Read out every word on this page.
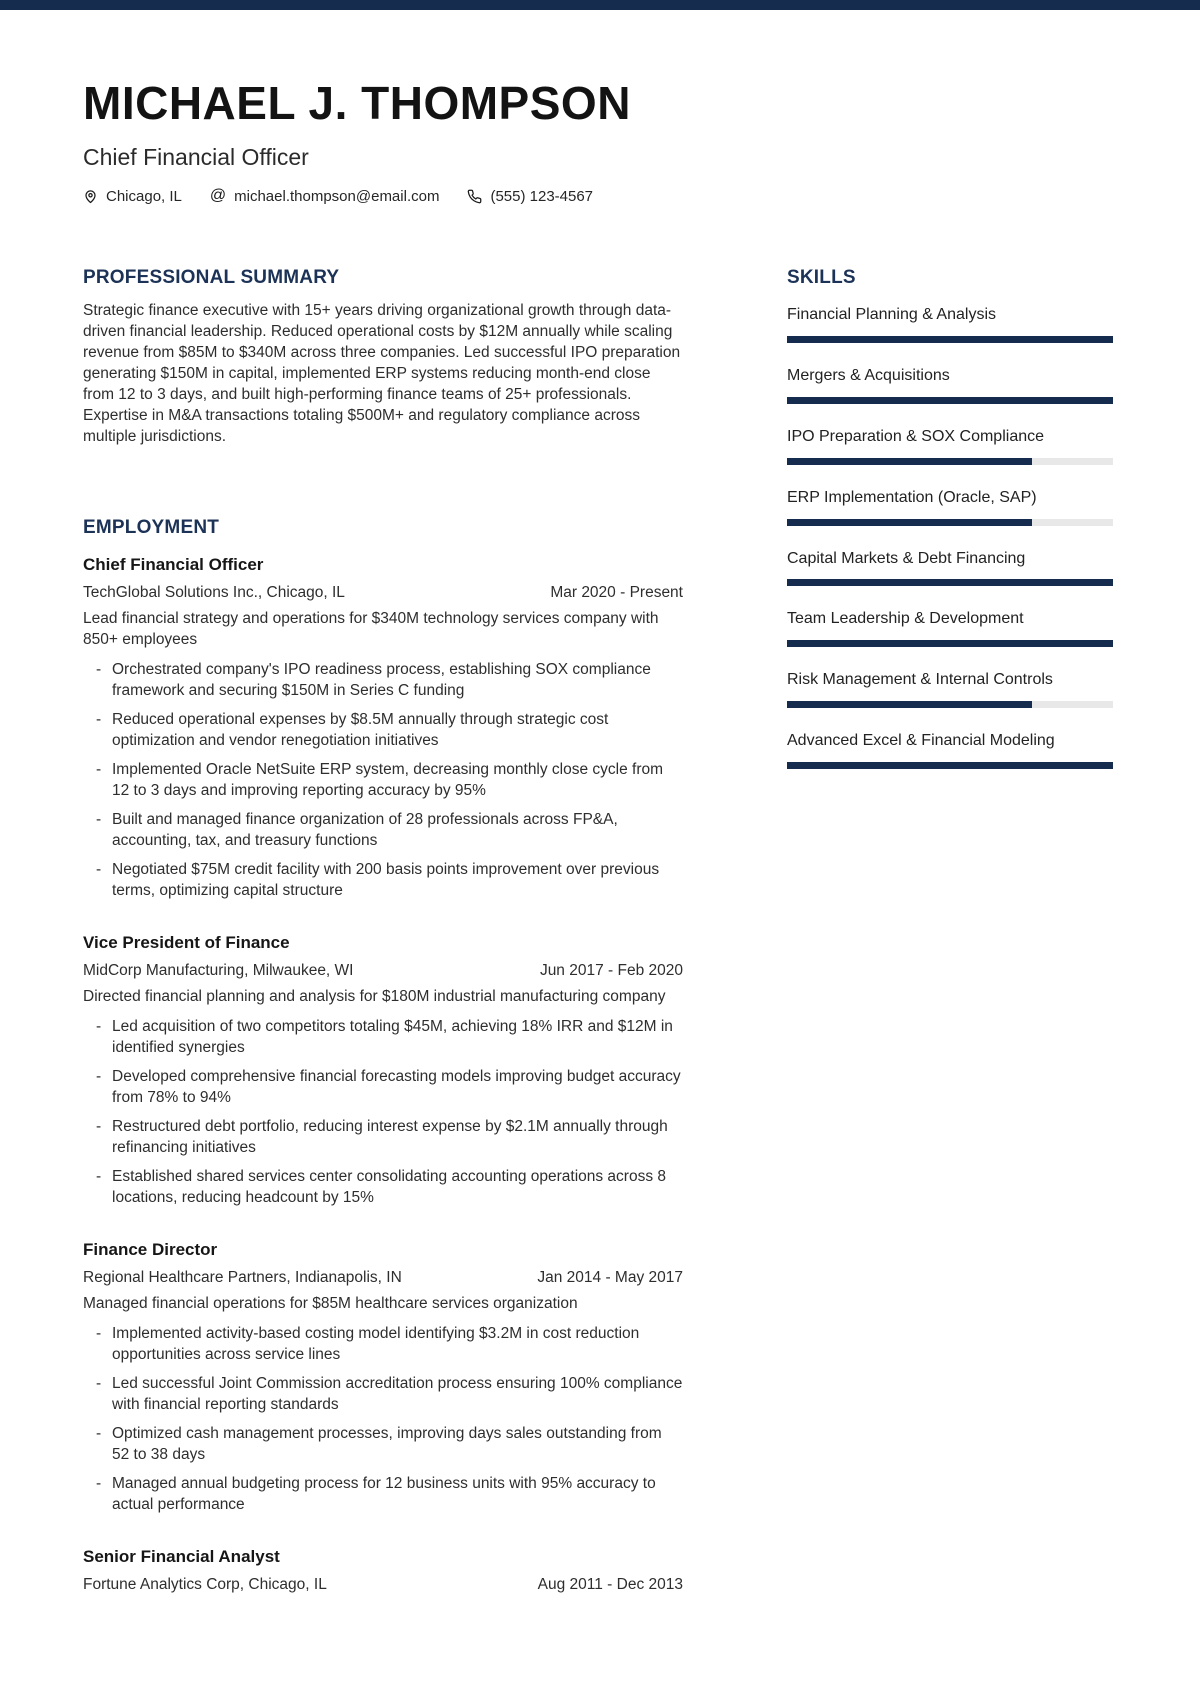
MICHAEL J. THOMPSON
Chief Financial Officer
Chicago, IL @ michael.thompson@email.com	(555) 123-4567
PROFESSIONAL SUMMARY
Strategic finance executive with 15+ years driving organizational growth through data-driven financial leadership. Reduced operational costs by $12M annually while scaling revenue from $85M to $340M across three companies. Led successful IPO preparation generating $150M in capital, implemented ERP systems reducing month-end close from 12 to 3 days, and built high-performing finance teams of 25+ professionals. Expertise in M&A transactions totaling $500M+ and regulatory compliance across multiple jurisdictions.
EMPLOYMENT
Chief Financial Officer
TechGlobal Solutions Inc., Chicago, IL	Mar 2020 - Present
Lead financial strategy and operations for $340M technology services company with 850+ employees
- Orchestrated company's IPO readiness process, establishing SOX compliance framework and securing $150M in Series C funding
- Reduced operational expenses by $8.5M annually through strategic cost optimization and vendor renegotiation initiatives
- Implemented Oracle NetSuite ERP system, decreasing monthly close cycle from 12 to 3 days and improving reporting accuracy by 95%
- Built and managed finance organization of 28 professionals across FP&A, accounting, tax, and treasury functions
- Negotiated $75M credit facility with 200 basis points improvement over previous terms, optimizing capital structure
Vice President of Finance
MidCorp Manufacturing, Milwaukee, WI	Jun 2017 - Feb 2020
Directed financial planning and analysis for $180M industrial manufacturing company
- Led acquisition of two competitors totaling $45M, achieving 18% IRR and $12M in identified synergies
- Developed comprehensive financial forecasting models improving budget accuracy from 78% to 94%
- Restructured debt portfolio, reducing interest expense by $2.1M annually through refinancing initiatives
- Established shared services center consolidating accounting operations across 8 locations, reducing headcount by 15%
Finance Director
Regional Healthcare Partners, Indianapolis, IN	Jan 2014 - May 2017
Managed financial operations for $85M healthcare services organization
- Implemented activity-based costing model identifying $3.2M in cost reduction opportunities across service lines
- Led successful Joint Commission accreditation process ensuring 100% compliance with financial reporting standards
- Optimized cash management processes, improving days sales outstanding from 52 to 38 days
- Managed annual budgeting process for 12 business units with 95% accuracy to actual performance
Senior Financial Analyst
Fortune Analytics Corp, Chicago, IL	Aug 2011 - Dec 2013
SKILLS
Financial Planning & Analysis
Mergers & Acquisitions
IPO Preparation & SOX Compliance
ERP Implementation (Oracle, SAP)
Capital Markets & Debt Financing
Team Leadership & Development
Risk Management & Internal Controls
Advanced Excel & Financial Modeling
